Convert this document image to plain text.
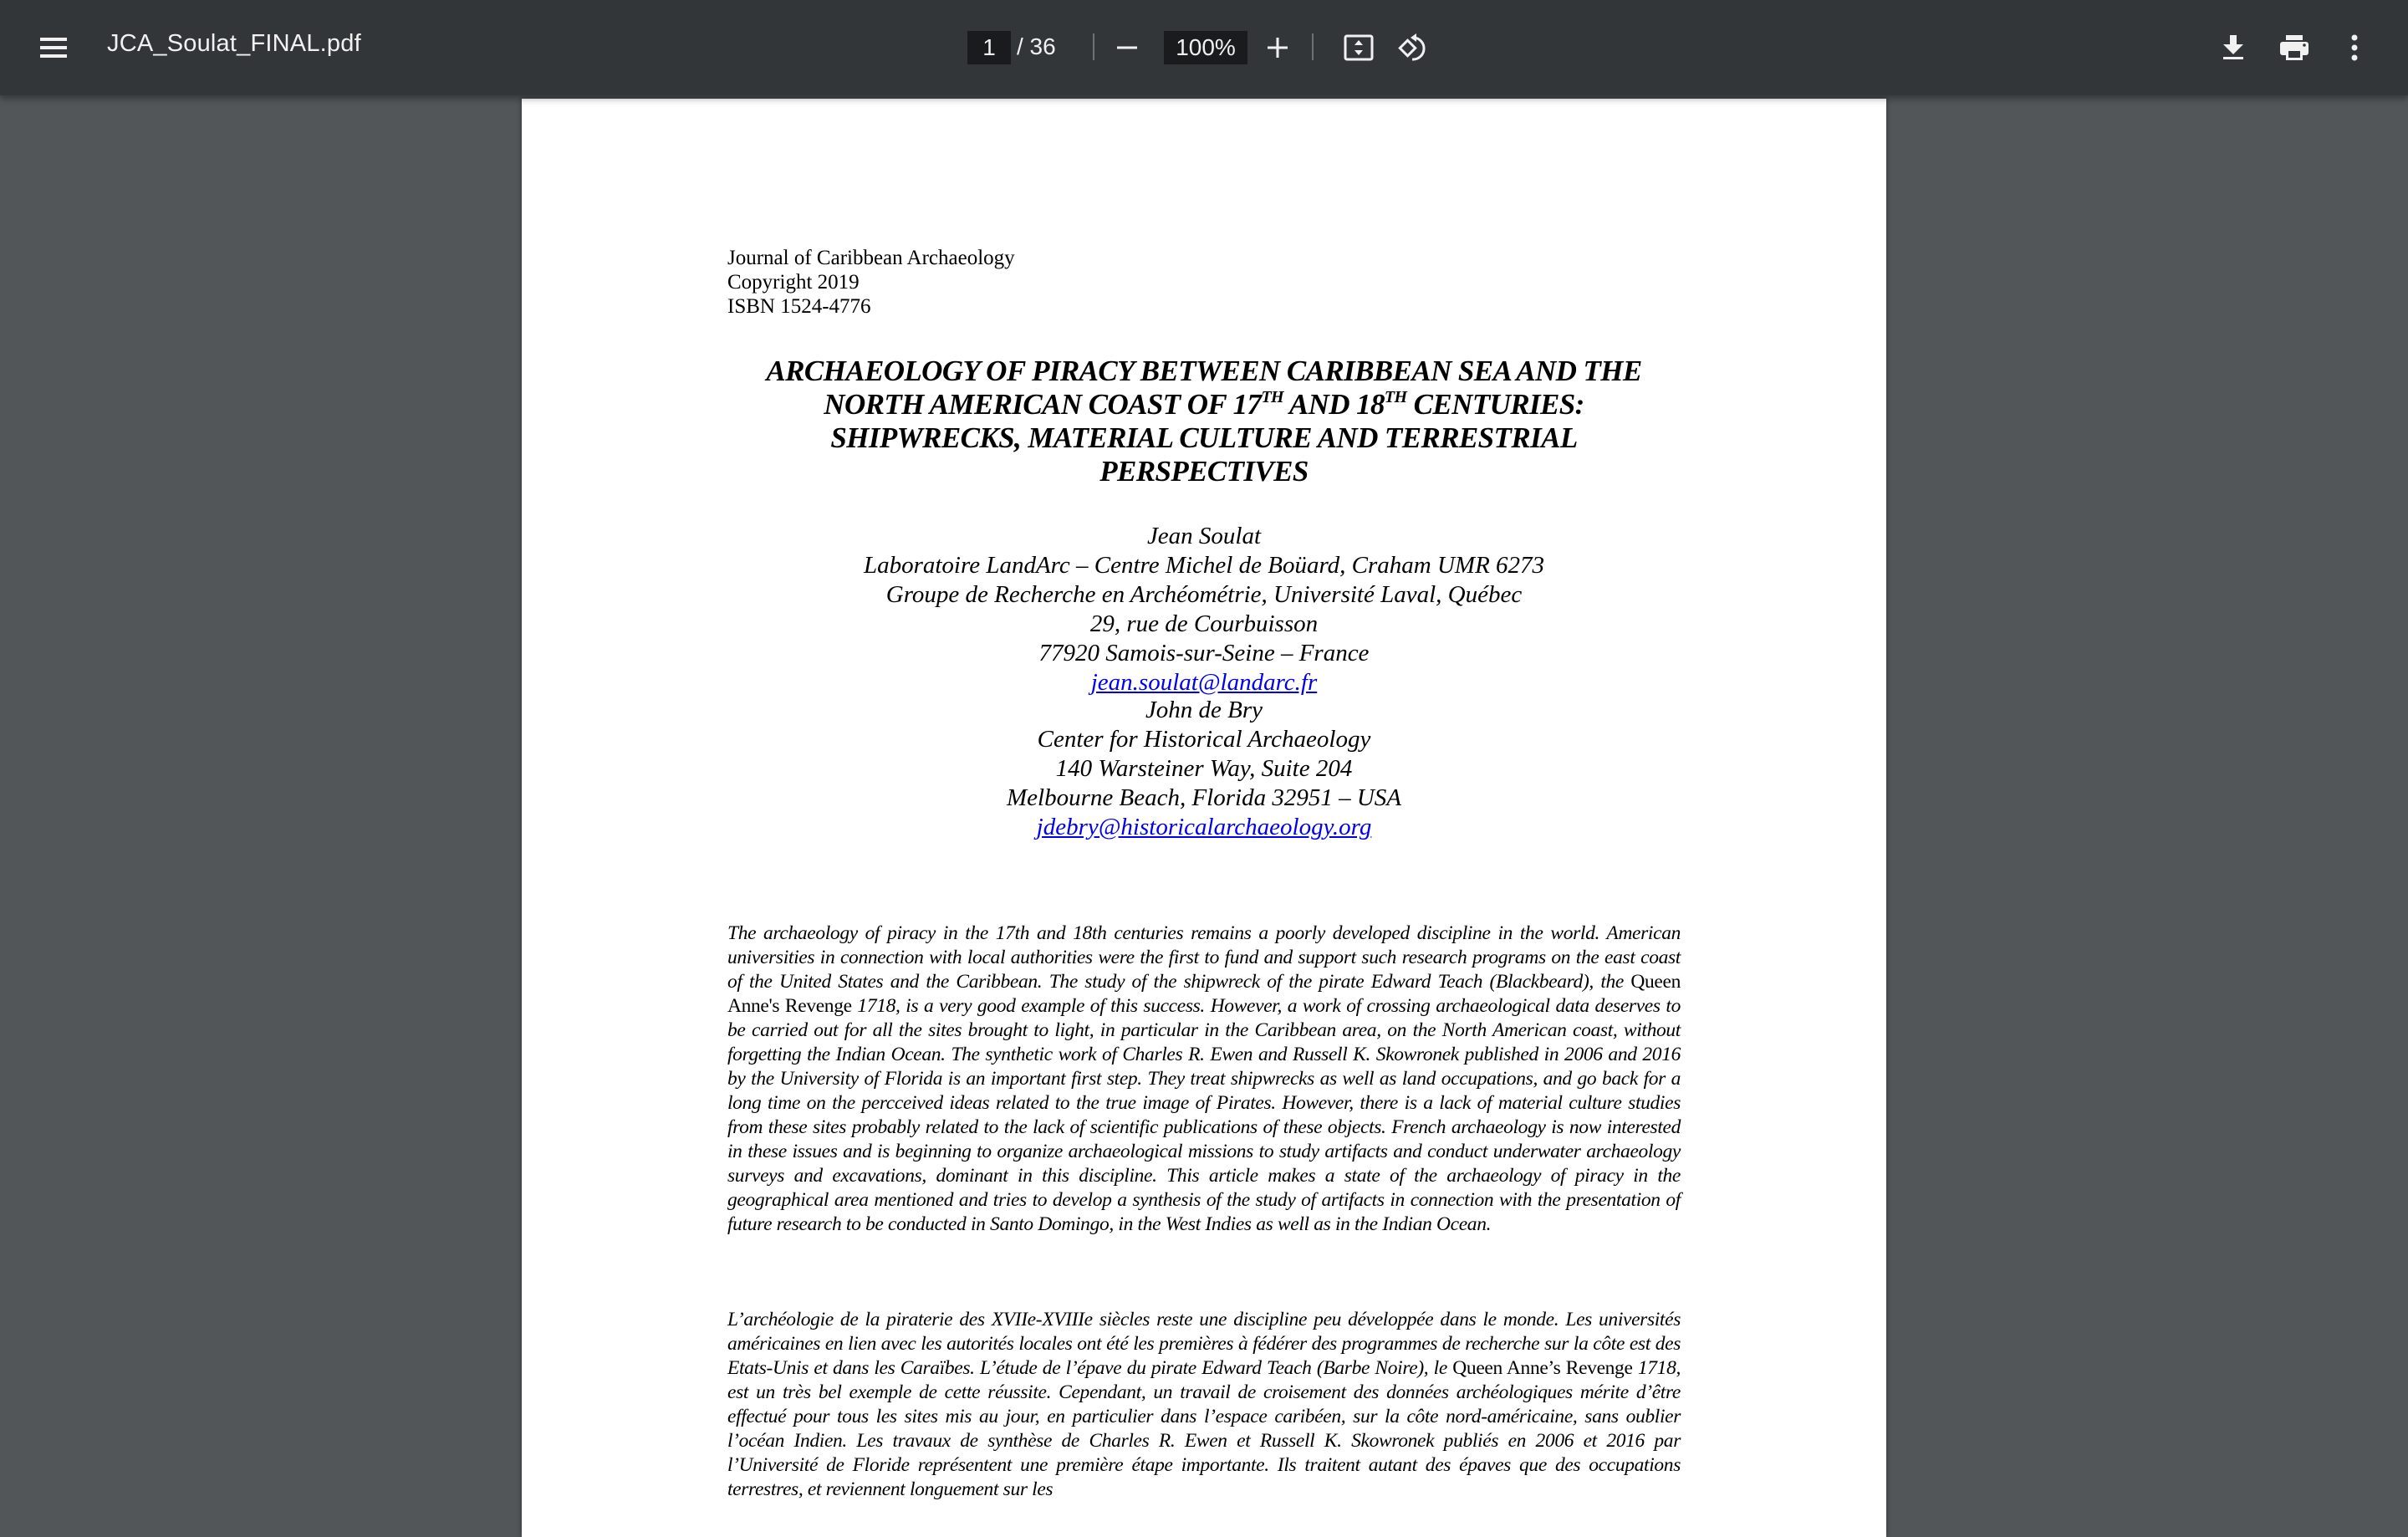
JCA_Soulat_FINAL.pdf
1	/ 36
100%
Journal of Caribbean Archaeology
Copyright 2019
ISBN 1524-4776
ARCHAEOLOGY OF PIRACY BETWEEN CARIBBEAN SEA AND THE
NORTH AMERICAN COAST OF 17TH AND 18TH CENTURIES:
SHIPWRECKS, MATERIAL CULTURE AND TERRESTRIAL
PERSPECTIVES
Jean Soulat
Laboratoire LandArc – Centre Michel de Boüard, Craham UMR 6273
Groupe de Recherche en Archéométrie, Université Laval, Québec
29, rue de Courbuisson
77920 Samois-sur-Seine – France
jean.soulat@landarc.fr
John de Bry
Center for Historical Archaeology
140 Warsteiner Way, Suite 204
Melbourne Beach, Florida 32951 – USA
jdebry@historicalarchaeology.org

The archaeology of piracy in the 17th and 18th centuries remains a poorly developed discipline in the world. American universities in connection with local authorities were the first to fund and support such research programs on the east coast of the United States and the Caribbean. The study of the shipwreck of the pirate Edward Teach (Blackbeard), the Queen Anne's Revenge 1718, is a very good example of this success. However, a work of crossing archaeological data deserves to be carried out for all the sites brought to light, in particular in the Caribbean area, on the North American coast, without forgetting the Indian Ocean. The synthetic work of Charles R. Ewen and Russell K. Skowronek published in 2006 and 2016 by the University of Florida is an important first step. They treat shipwrecks as well as land occupations, and go back for a long time on the percceived ideas related to the true image of Pirates. However, there is a lack of material culture studies from these sites probably related to the lack of scientific publications of these objects. French archaeology is now interested in these issues and is beginning to organize archaeological missions to study artifacts and conduct underwater archaeology surveys and excavations, dominant in this discipline. This article makes a state of the archaeology of piracy in the geographical area mentioned and tries to develop a synthesis of the study of artifacts in connection with the presentation of future research to be conducted in Santo Domingo, in the West Indies as well as in the Indian Ocean.

L’archéologie de la piraterie des XVIIe-XVIIIe siècles reste une discipline peu développée dans le monde. Les universités américaines en lien avec les autorités locales ont été les premières à fédérer des programmes de recherche sur la côte est des Etats-Unis et dans les Caraïbes. L’étude de l’épave du pirate Edward Teach (Barbe Noire), le Queen Anne’s Revenge 1718, est un très bel exemple de cette réussite. Cependant, un travail de croisement des données archéologiques mérite d’être effectué pour tous les sites mis au jour, en particulier dans l’espace caribéen, sur la côte nord-américaine, sans oublier l’océan Indien. Les travaux de synthèse de Charles R. Ewen et Russell K. Skowronek publiés en 2006 et 2016 par l’Université de Floride représentent une première étape importante. Ils traitent autant des épaves que des occupations terrestres, et reviennent longuement sur les
